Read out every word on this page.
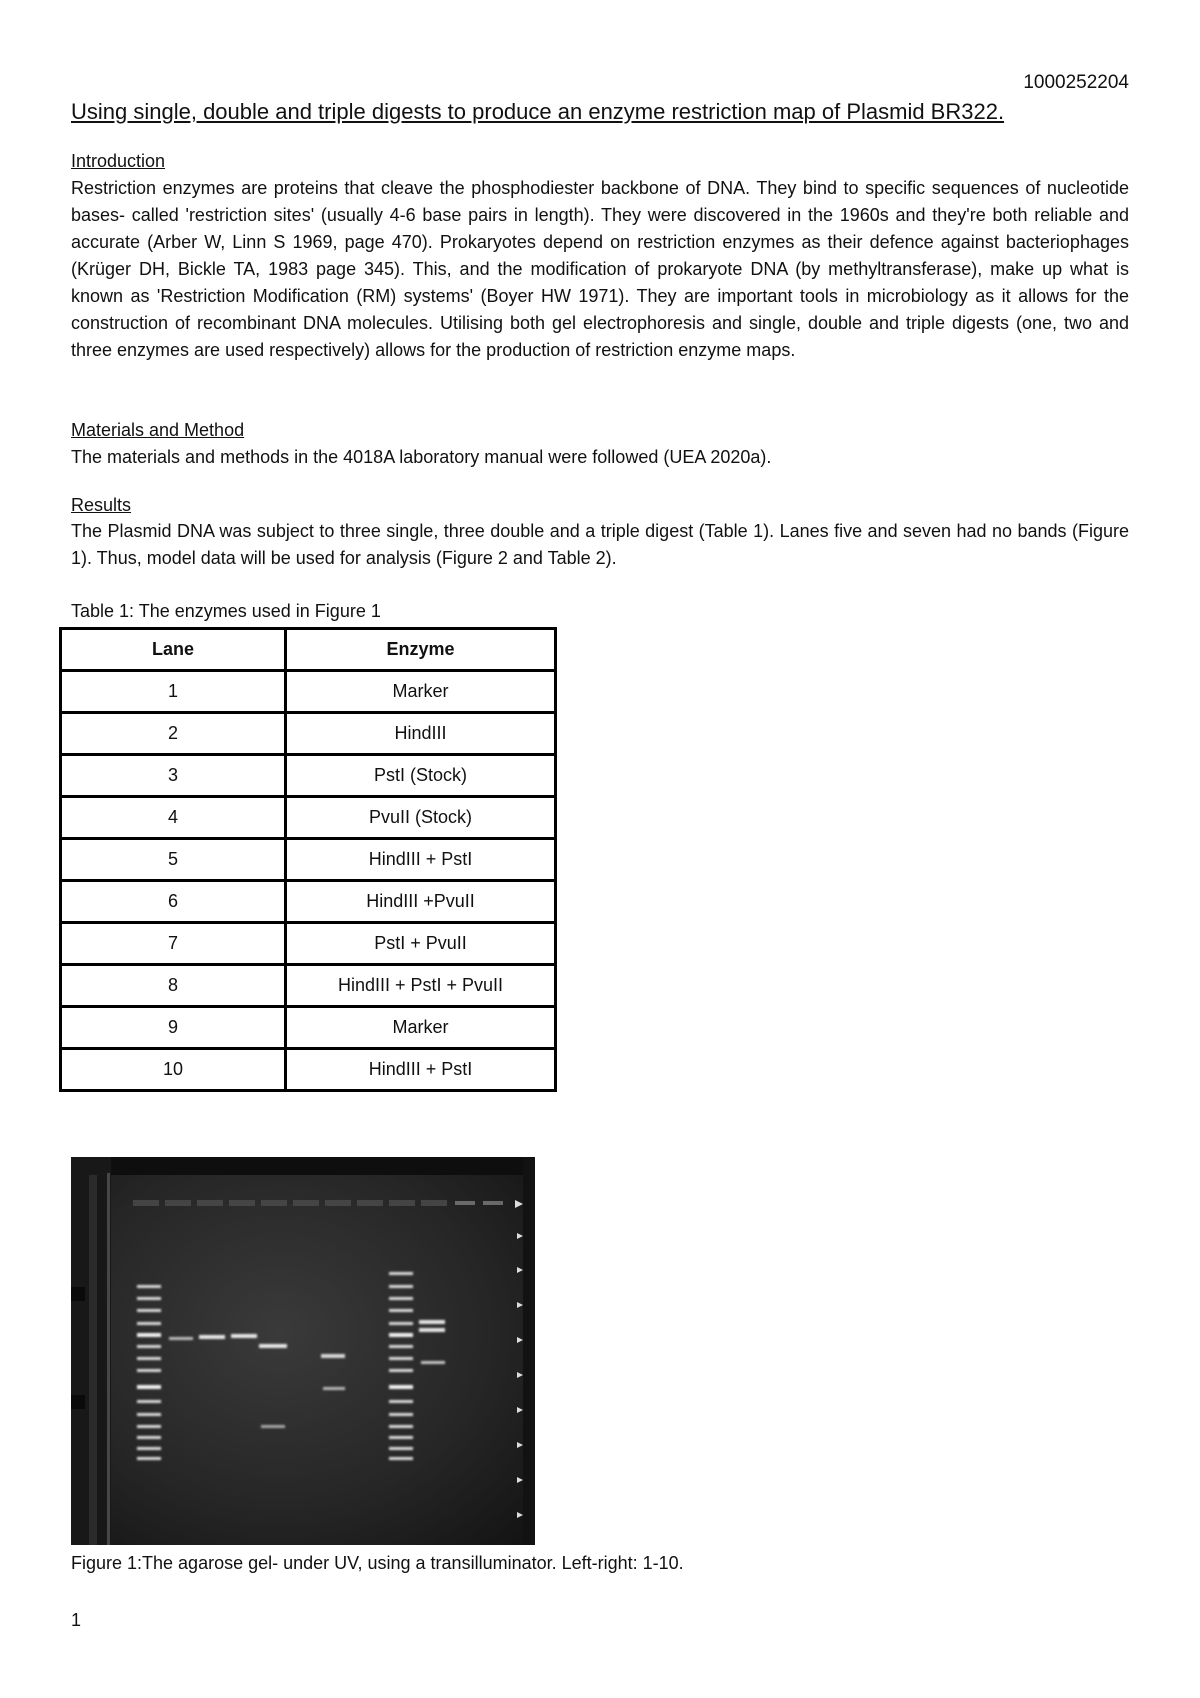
1000252204
Using single, double and triple digests to produce an enzyme restriction map of Plasmid BR322.
Introduction
Restriction enzymes are proteins that cleave the phosphodiester backbone of DNA. They bind to specific sequences of nucleotide bases- called 'restriction sites' (usually 4-6 base pairs in length). They were discovered in the 1960s and they're both reliable and accurate (Arber W, Linn S 1969, page 470). Prokaryotes depend on restriction enzymes as their defence against bacteriophages (Krüger DH, Bickle TA, 1983 page 345). This, and the modification of prokaryote DNA (by methyltransferase), make up what is known as 'Restriction Modification (RM) systems' (Boyer HW 1971). They are important tools in microbiology as it allows for the construction of recombinant DNA molecules. Utilising both gel electrophoresis and single, double and triple digests (one, two and three enzymes are used respectively) allows for the production of restriction enzyme maps.
Materials and Method
The materials and methods in the 4018A laboratory manual were followed (UEA 2020a).
Results
The Plasmid DNA was subject to three single, three double and a triple digest (Table 1). Lanes five and seven had no bands (Figure 1). Thus, model data will be used for analysis (Figure 2 and Table 2).
Table 1: The enzymes used in Figure 1
Lane	Enzyme
1	Marker
2	HindIII
3	PstI (Stock)
4	PvuII (Stock)
5	HindIII + PstI
6	HindIII +PvuII
7	PstI + PvuII
8	HindIII + PstI + PvuII
9	Marker
10	HindIII + PstI
Figure 1:The agarose gel- under UV, using a transilluminator. Left-right: 1-10.
1
